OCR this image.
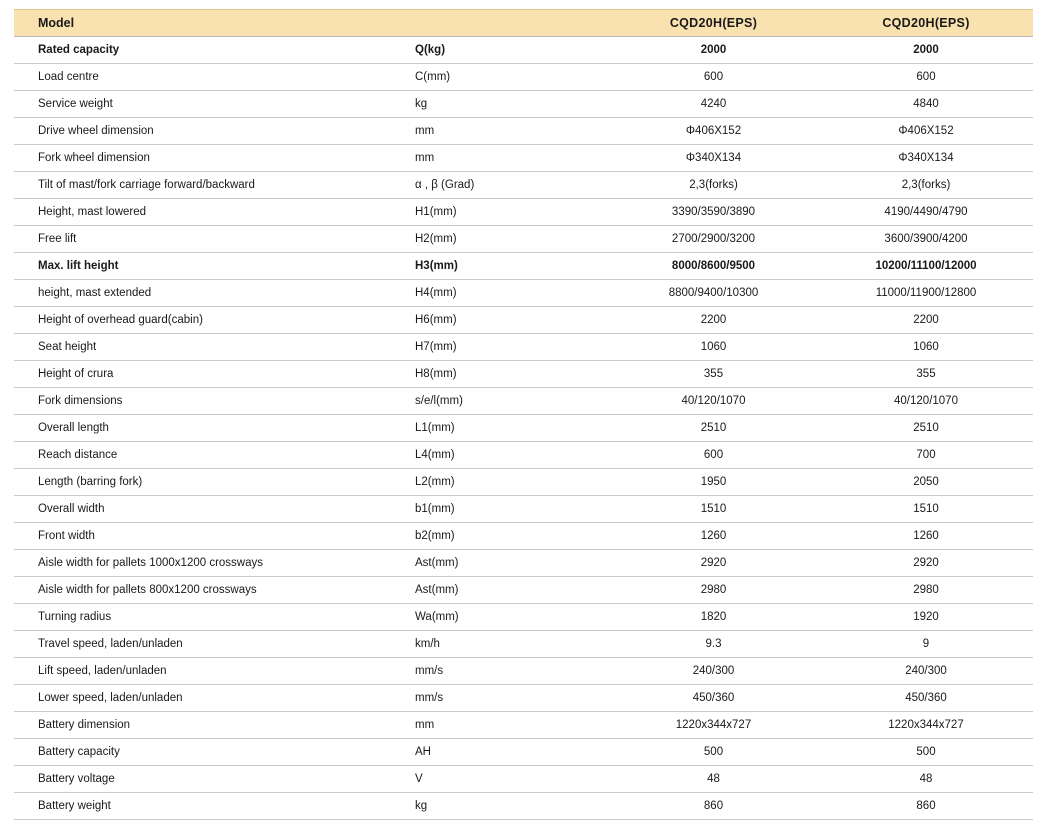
Model		CQD20H(EPS)	CQD20H(EPS)
Rated capacity	Q(kg)	2000	2000
Load centre	C(mm)	600	600
Service weight	kg	4240	4840
Drive wheel dimension	mm	Φ406X152	Φ406X152
Fork wheel dimension	mm	Φ340X134	Φ340X134
Tilt of mast/fork carriage forward/backward	α , β (Grad)	2,3(forks)	2,3(forks)
Height, mast lowered	H1(mm)	3390/3590/3890	4190/4490/4790
Free lift	H2(mm)	2700/2900/3200	3600/3900/4200
Max. lift height	H3(mm)	8000/8600/9500	10200/11100/12000
height, mast extended	H4(mm)	8800/9400/10300	11000/11900/12800
Height of overhead guard(cabin)	H6(mm)	2200	2200
Seat height	H7(mm)	1060	1060
Height of crura	H8(mm)	355	355
Fork dimensions	s/e/l(mm)	40/120/1070	40/120/1070
Overall length	L1(mm)	2510	2510
Reach distance	L4(mm)	600	700
Length (barring fork)	L2(mm)	1950	2050
Overall width	b1(mm)	1510	1510
Front width	b2(mm)	1260	1260
Aisle width for pallets 1000x1200 crossways	Ast(mm)	2920	2920
Aisle width for pallets 800x1200 crossways	Ast(mm)	2980	2980
Turning radius	Wa(mm)	1820	1920
Travel speed, laden/unladen	km/h	9.3	9
Lift speed, laden/unladen	mm/s	240/300	240/300
Lower speed, laden/unladen	mm/s	450/360	450/360
Battery dimension	mm	1220x344x727	1220x344x727
Battery capacity	AH	500	500
Battery voltage	V	48	48
Battery weight	kg	860	860
